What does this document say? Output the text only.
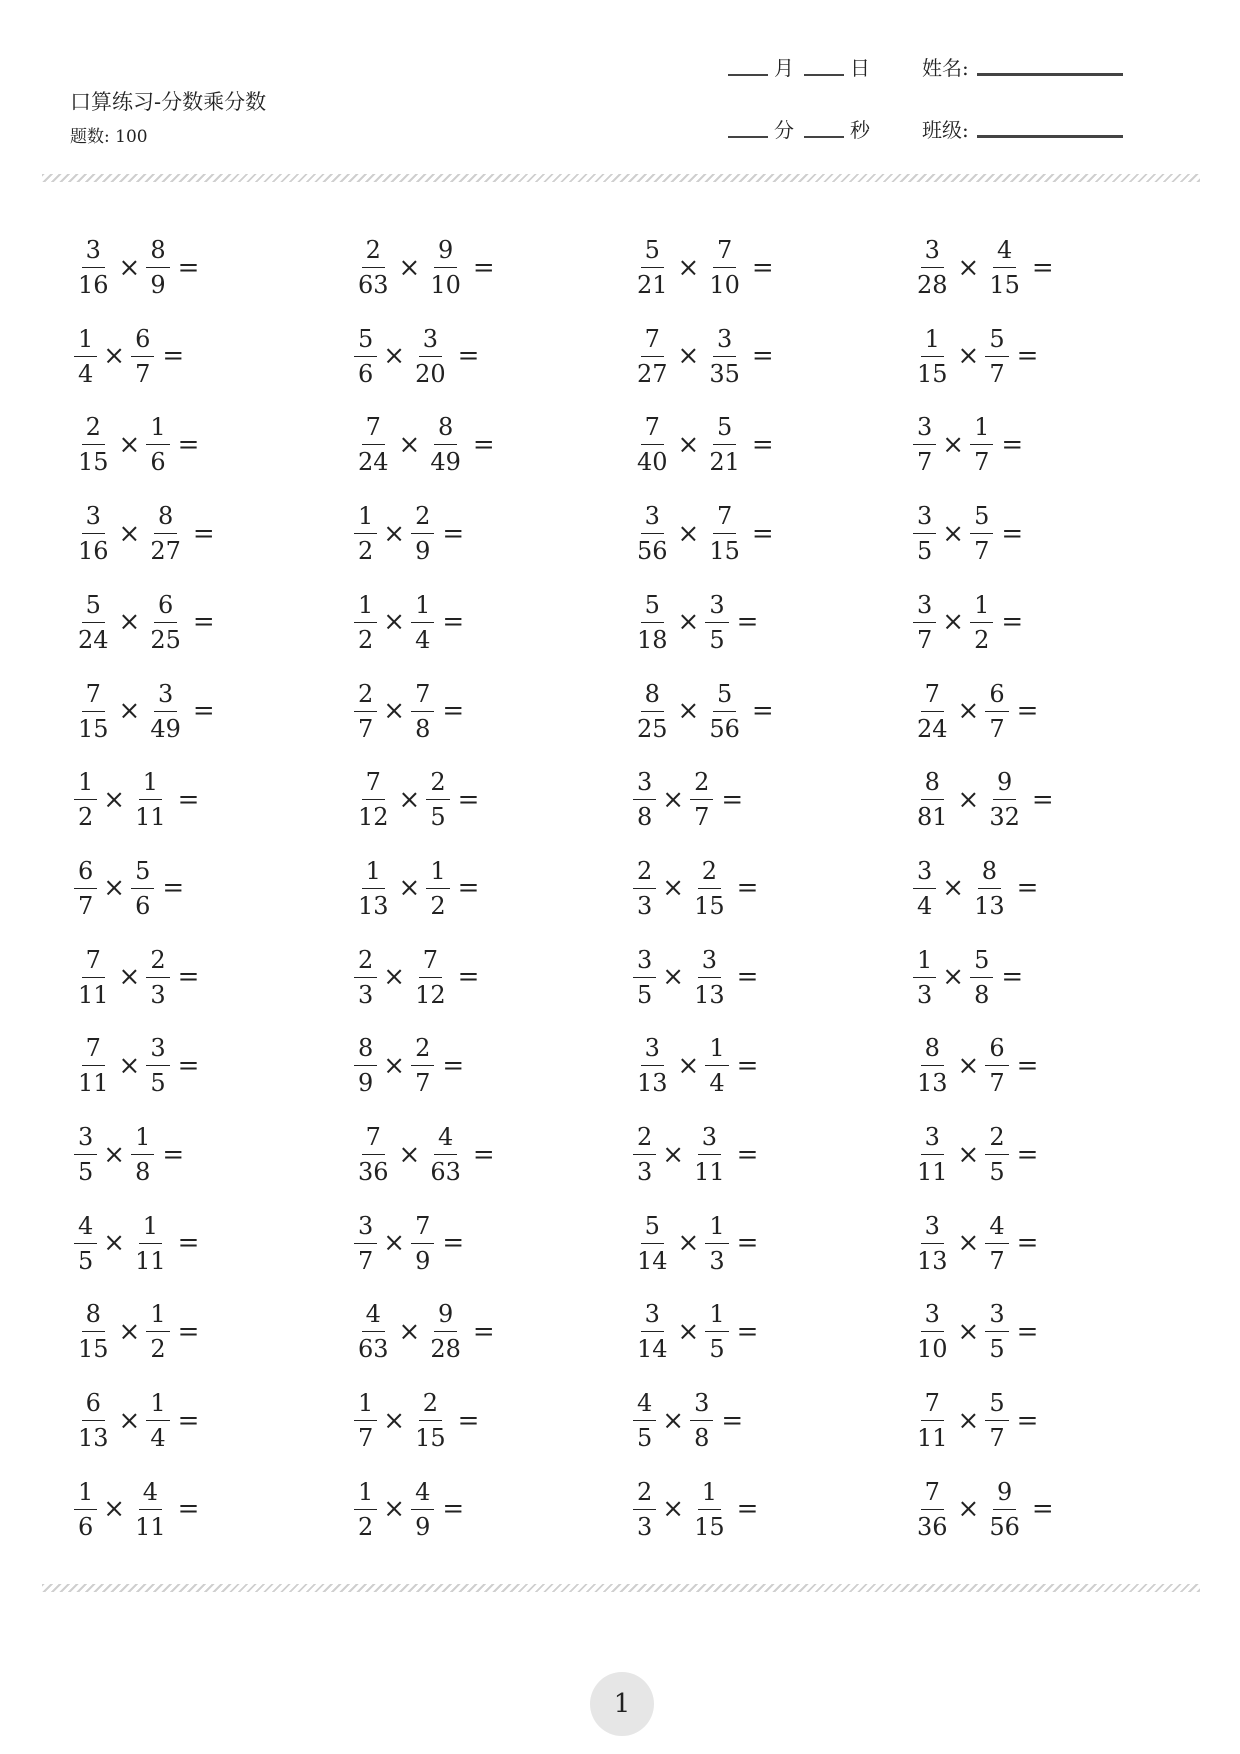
口算练习-分数乘分数
题数: 100
月	日	姓名:
分	秒	班级:
$\frac{3}{16} \times \frac{8}{9}$ =	$\frac{2}{63} \times \frac{9}{10}$ =	$\frac{5}{21} \times \frac{7}{10}$ =	$\frac{3}{28} \times \frac{4}{15}$ =
$\frac{1}{4} \times \frac{6}{7}$ =	$\frac{5}{6} \times \frac{3}{20}$ =	$\frac{7}{27} \times \frac{3}{35}$ =	$\frac{1}{15} \times \frac{5}{7}$ =
$\frac{2}{15} \times \frac{1}{6}$ =	$\frac{7}{24} \times \frac{8}{49}$ =	$\frac{7}{40} \times \frac{5}{21}$ =	$\frac{3}{7} \times \frac{1}{7}$ =
$\frac{3}{16} \times \frac{8}{27}$ =	$\frac{1}{2} \times \frac{2}{9}$ =	$\frac{3}{56} \times \frac{7}{15}$ =	$\frac{3}{5} \times \frac{5}{7}$ =
$\frac{5}{24} \times \frac{6}{25}$ =	$\frac{1}{2} \times \frac{1}{4}$ =	$\frac{5}{18} \times \frac{3}{5}$ =	$\frac{3}{7} \times \frac{1}{2}$ =
$\frac{7}{15} \times \frac{3}{49}$ =	$\frac{2}{7} \times \frac{7}{8}$ =	$\frac{8}{25} \times \frac{5}{56}$ =	$\frac{7}{24} \times \frac{6}{7}$ =
$\frac{1}{2} \times \frac{1}{11}$ =	$\frac{7}{12} \times \frac{2}{5}$ =	$\frac{3}{8} \times \frac{2}{7}$ =	$\frac{8}{81} \times \frac{9}{32}$ =
$\frac{6}{7} \times \frac{5}{6}$ =	$\frac{1}{13} \times \frac{1}{2}$ =	$\frac{2}{3} \times \frac{2}{15}$ =	$\frac{3}{4} \times \frac{8}{13}$ =
$\frac{7}{11} \times \frac{2}{3}$ =	$\frac{2}{3} \times \frac{7}{12}$ =	$\frac{3}{5} \times \frac{3}{13}$ =	$\frac{1}{3} \times \frac{5}{8}$ =
$\frac{7}{11} \times \frac{3}{5}$ =	$\frac{8}{9} \times \frac{2}{7}$ =	$\frac{3}{13} \times \frac{1}{4}$ =	$\frac{8}{13} \times \frac{6}{7}$ =
$\frac{3}{5} \times \frac{1}{8}$ =	$\frac{7}{36} \times \frac{4}{63}$ =	$\frac{2}{3} \times \frac{3}{11}$ =	$\frac{3}{11} \times \frac{2}{5}$ =
$\frac{4}{5} \times \frac{1}{11}$ =	$\frac{3}{7} \times \frac{7}{9}$ =	$\frac{5}{14} \times \frac{1}{3}$ =	$\frac{3}{13} \times \frac{4}{7}$ =
$\frac{8}{15} \times \frac{1}{2}$ =	$\frac{4}{63} \times \frac{9}{28}$ =	$\frac{3}{14} \times \frac{1}{5}$ =	$\frac{3}{10} \times \frac{3}{5}$ =
$\frac{6}{13} \times \frac{1}{4}$ =	$\frac{1}{7} \times \frac{2}{15}$ =	$\frac{4}{5} \times \frac{3}{8}$ =	$\frac{7}{11} \times \frac{5}{7}$ =
$\frac{1}{6} \times \frac{4}{11}$ =	$\frac{1}{2} \times \frac{4}{9}$ =	$\frac{2}{3} \times \frac{1}{15}$ =	$\frac{7}{36} \times \frac{9}{56}$ =
1
